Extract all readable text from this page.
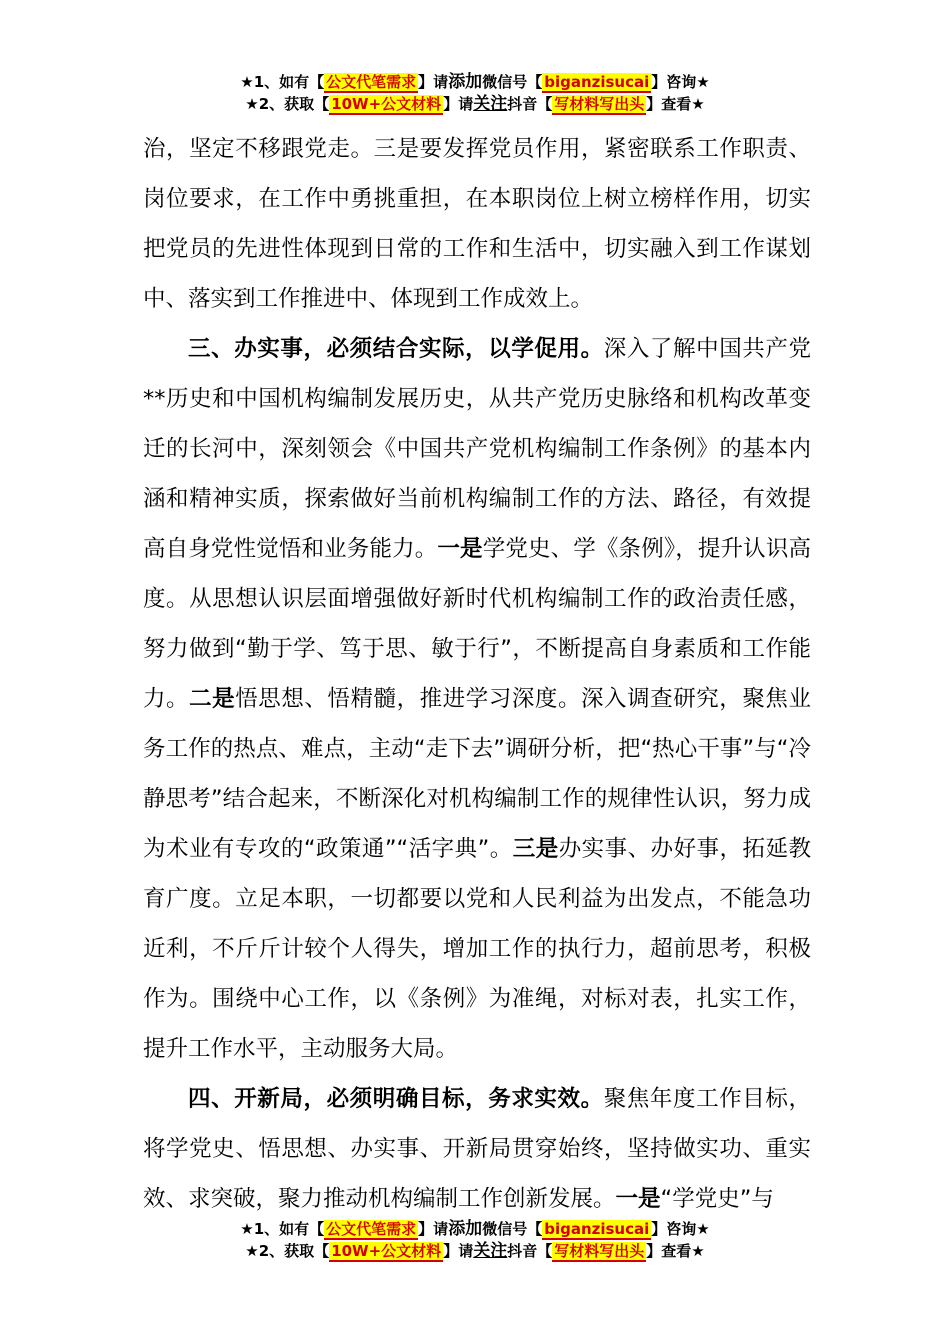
★1、如有【 公文代笔需求 】请添加微信号【 biganzisucai 】咨询★
★2、获取【 10W+公文材料 】请关注抖音【 写材料写出头 】查看★

治，坚定不移跟党走。三是要发挥党员作用，紧密联系工作职责、岗位要求，在工作中勇挑重担，在本职岗位上树立榜样作用，切实把党员的先进性体现到日常的工作和生活中，切实融入到工作谋划中、落实到工作推进中、体现到工作成效上。

三、办实事，必须结合实际，以学促用。深入了解中国共产党**历史和中国机构编制发展历史，从共产党历史脉络和机构改革变迁的长河中，深刻领会《中国共产党机构编制工作条例》的基本内涵和精神实质，探索做好当前机构编制工作的方法、路径，有效提高自身党性觉悟和业务能力。一是学党史、学《条例》，提升认识高度。从思想认识层面增强做好新时代机构编制工作的政治责任感，努力做到“勤于学、笃于思、敏于行”，不断提高自身素质和工作能力。二是悟思想、悟精髓，推进学习深度。深入调查研究，聚焦业务工作的热点、难点，主动“走下去”调研分析，把“热心干事”与“冷静思考”结合起来，不断深化对机构编制工作的规律性认识，努力成为术业有专攻的“政策通”“活字典”。三是办实事、办好事，拓延教育广度。立足本职，一切都要以党和人民利益为出发点，不能急功近利，不斤斤计较个人得失，增加工作的执行力，超前思考，积极作为。围绕中心工作，以《条例》为准绳，对标对表，扎实工作，提升工作水平，主动服务大局。

四、开新局，必须明确目标，务求实效。聚焦年度工作目标，将学党史、悟思想、办实事、开新局贯穿始终，坚持做实功、重实效、求突破，聚力推动机构编制工作创新发展。一是“学党史”与

★1、如有【 公文代笔需求 】请添加微信号【 biganzisucai 】咨询★
★2、获取【 10W+公文材料 】请关注抖音【 写材料写出头 】查看★
